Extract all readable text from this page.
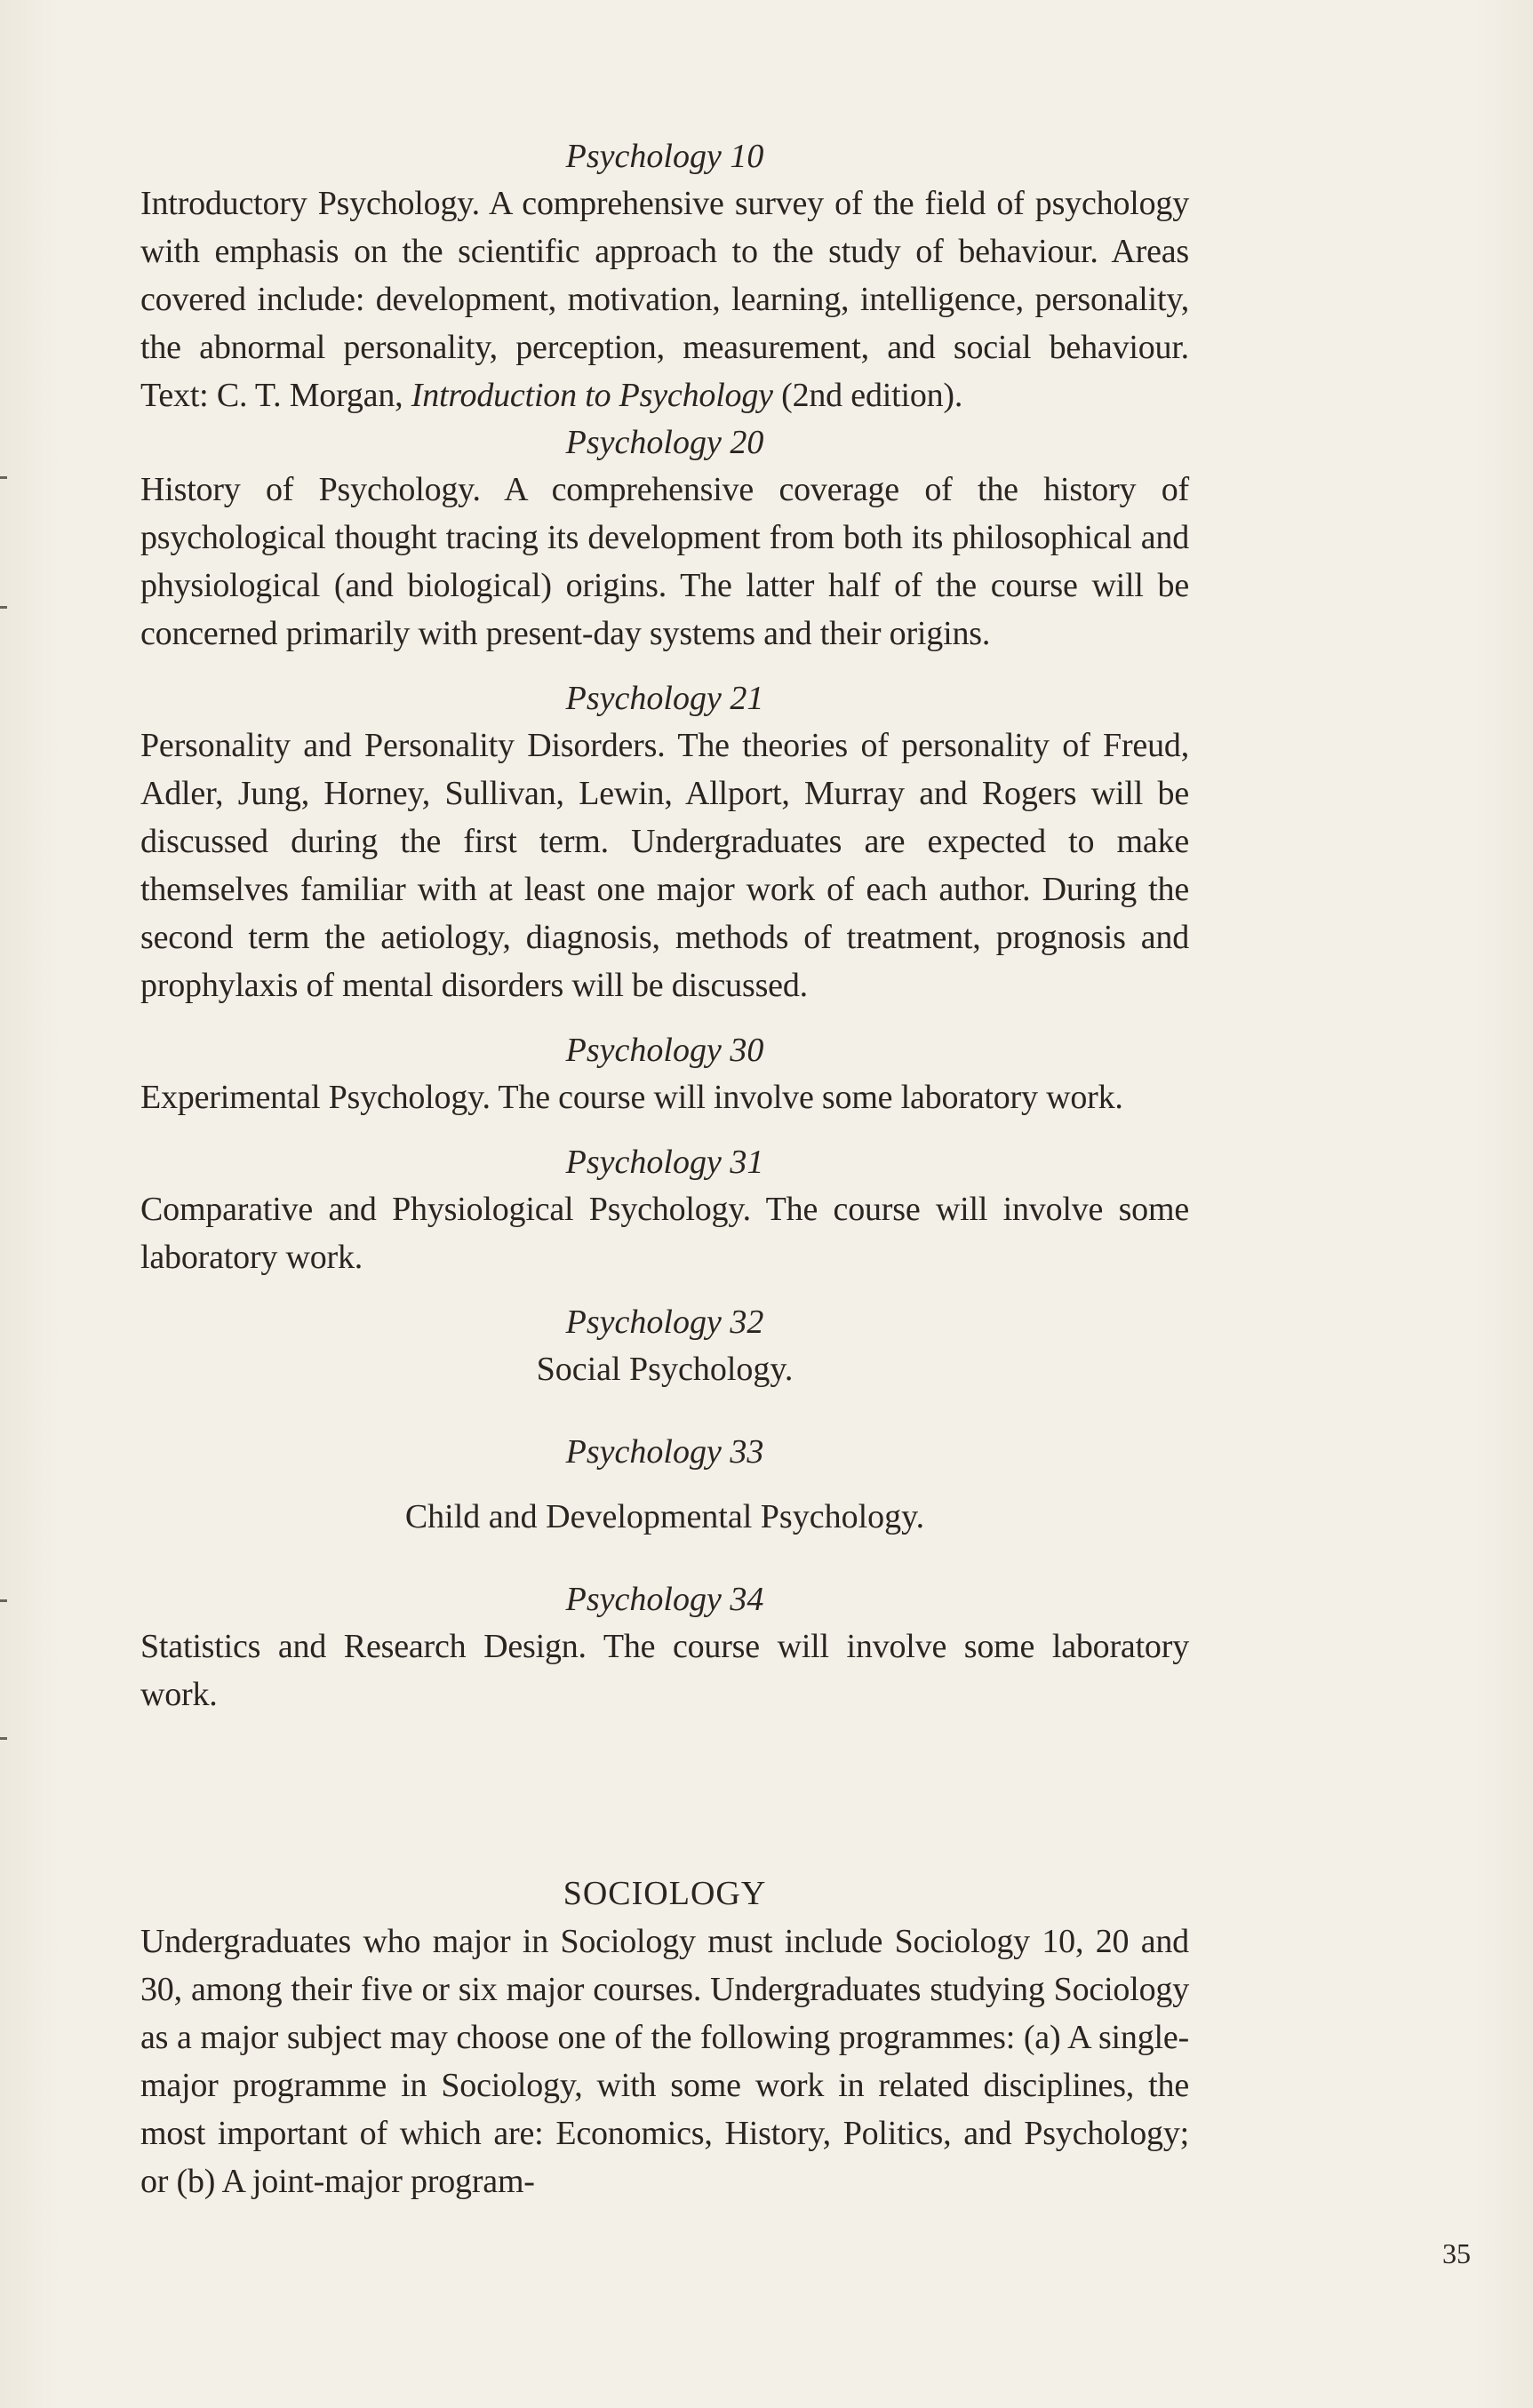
Psychology 10

Introductory Psychology. A comprehensive survey of the field of psychology with emphasis on the scientific approach to the study of behaviour. Areas covered include: development, motivation, learning, intelligence, personality, the abnormal personality, perception, measurement, and social behaviour. Text: C. T. Morgan, Introduction to Psychology (2nd edition).

Psychology 20

History of Psychology. A comprehensive coverage of the history of psychological thought tracing its development from both its philosophical and physiological (and biological) origins. The latter half of the course will be concerned primarily with present-day systems and their origins.

Psychology 21

Personality and Personality Disorders. The theories of personality of Freud, Adler, Jung, Horney, Sullivan, Lewin, Allport, Murray and Rogers will be discussed during the first term. Undergraduates are expected to make themselves familiar with at least one major work of each author. During the second term the aetiology, diagnosis, methods of treatment, prognosis and prophylaxis of mental disorders will be discussed.

Psychology 30

Experimental Psychology. The course will involve some laboratory work.

Psychology 31

Comparative and Physiological Psychology. The course will involve some laboratory work.

Psychology 32

Social Psychology.

Psychology 33

Child and Developmental Psychology.

Psychology 34

Statistics and Research Design. The course will involve some laboratory work.

SOCIOLOGY

Undergraduates who major in Sociology must include Sociology 10, 20 and 30, among their five or six major courses. Undergraduates studying Sociology as a major subject may choose one of the following programmes: (a) A single-major programme in Sociology, with some work in related disciplines, the most important of which are: Economics, History, Politics, and Psychology; or (b) A joint-major program-

35
